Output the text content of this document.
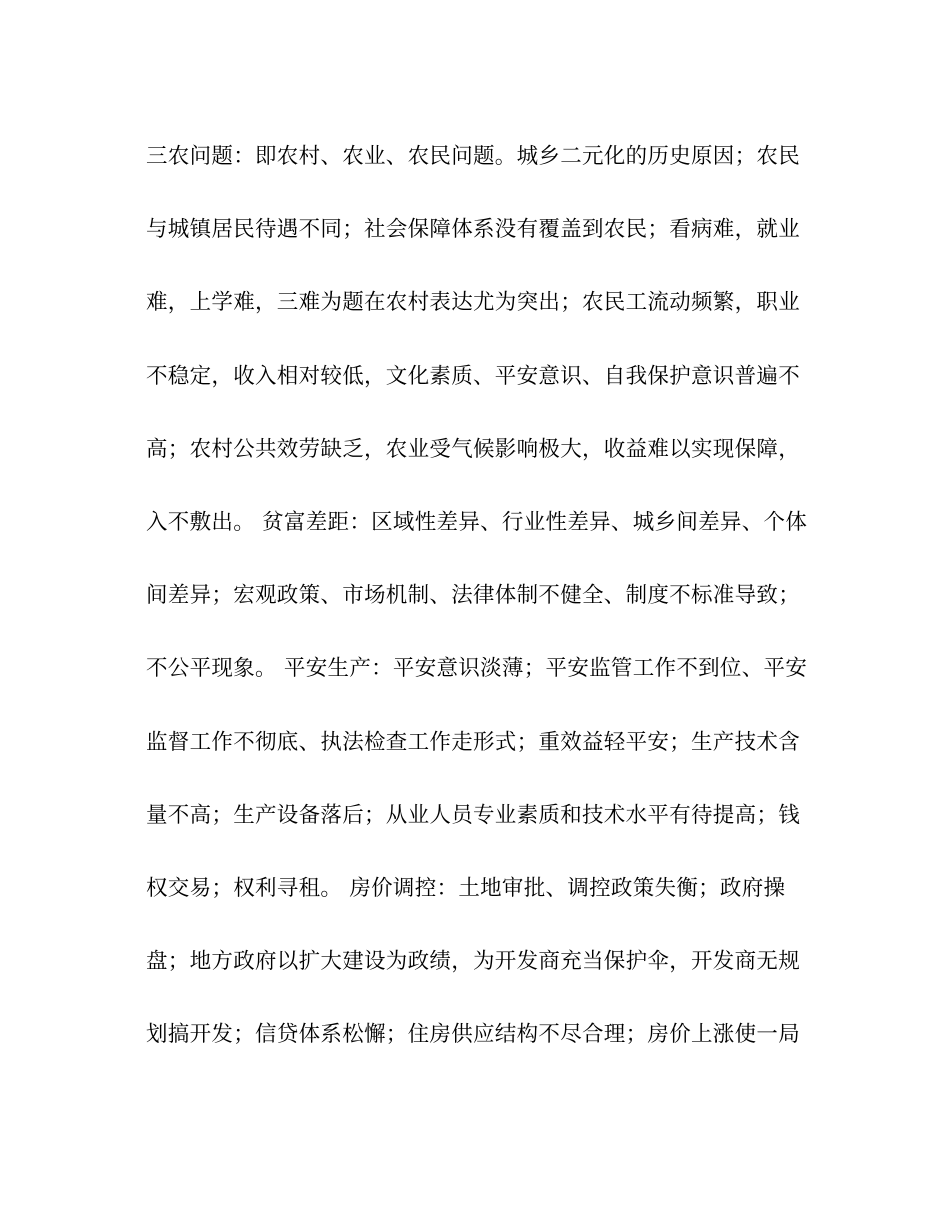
三农问题：即农村、农业、农民问题。城乡二元化的历史原因；农民
与城镇居民待遇不同；社会保障体系没有覆盖到农民；看病难，就业
难，上学难，三难为题在农村表达尤为突出；农民工流动频繁，职业
不稳定，收入相对较低，文化素质、平安意识、自我保护意识普遍不
高；农村公共效劳缺乏，农业受气候影响极大，收益难以实现保障，
入不敷出。 贫富差距：区域性差异、行业性差异、城乡间差异、个体
间差异；宏观政策、市场机制、法律体制不健全、制度不标准导致；
不公平现象。 平安生产：平安意识淡薄；平安监管工作不到位、平安
监督工作不彻底、执法检查工作走形式；重效益轻平安；生产技术含
量不高；生产设备落后；从业人员专业素质和技术水平有待提高；钱
权交易；权利寻租。 房价调控：土地审批、调控政策失衡；政府操
盘；地方政府以扩大建设为政绩，为开发商充当保护伞，开发商无规
划搞开发；信贷体系松懈；住房供应结构不尽合理；房价上涨使一局
